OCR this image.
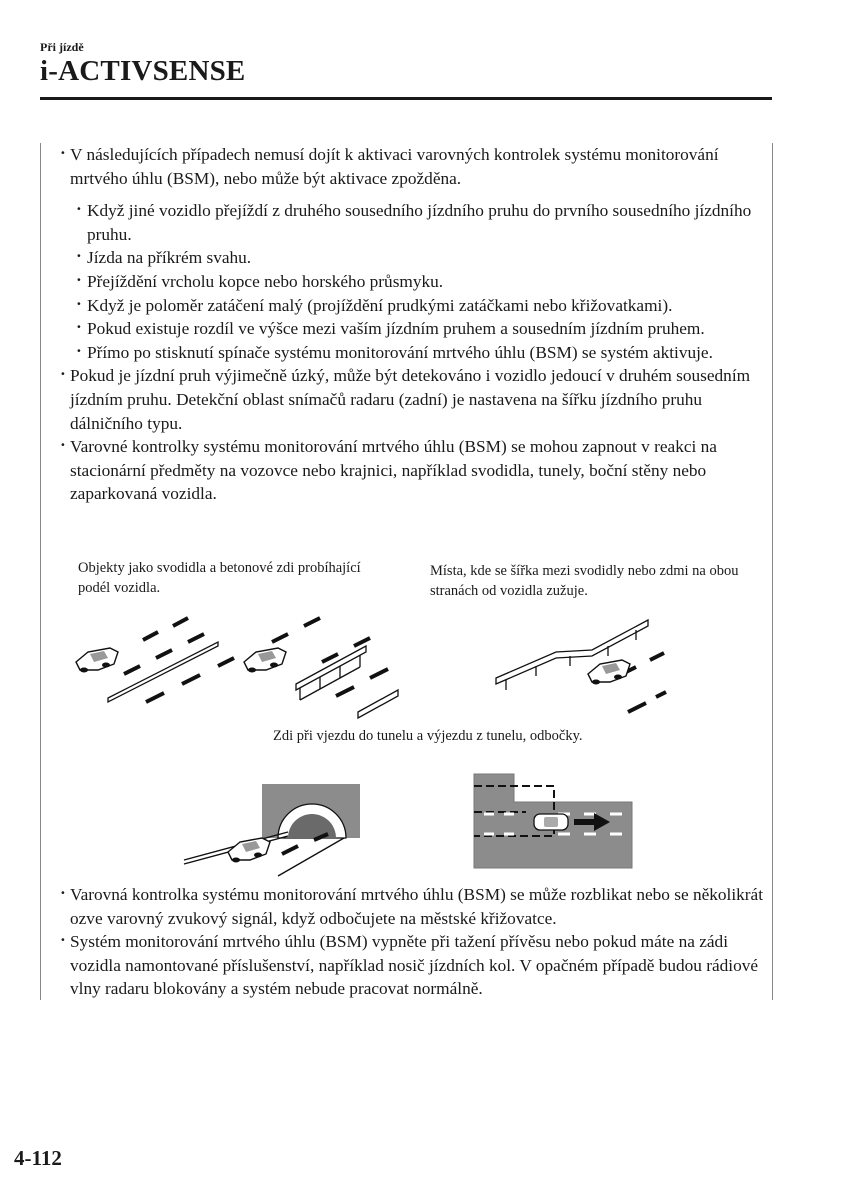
Při jízdě
i-ACTIVSENSE
· V následujících případech nemusí dojít k aktivaci varovných kontrolek systému monitorování mrtvého úhlu (BSM), nebo může být aktivace zpožděna.
· Když jiné vozidlo přejíždí z druhého sousedního jízdního pruhu do prvního sousedního jízdního pruhu.
· Jízda na příkrém svahu.
· Přejíždění vrcholu kopce nebo horského průsmyku.
· Když je poloměr zatáčení malý (projíždění prudkými zatáčkami nebo křižovatkami).
· Pokud existuje rozdíl ve výšce mezi vaším jízdním pruhem a sousedním jízdním pruhem.
· Přímo po stisknutí spínače systému monitorování mrtvého úhlu (BSM) se systém aktivuje.
· Pokud je jízdní pruh výjimečně úzký, může být detekováno i vozidlo jedoucí v druhém sousedním jízdním pruhu. Detekční oblast snímačů radaru (zadní) je nastavena na šířku jízdního pruhu dálničního typu.
· Varovné kontrolky systému monitorování mrtvého úhlu (BSM) se mohou zapnout v reakci na stacionární předměty na vozovce nebo krajnici, například svodidla, tunely, boční stěny nebo zaparkovaná vozidla.
Objekty jako svodidla a betonové zdi probíhající podél vozidla.
Místa, kde se šířka mezi svodidly nebo zdmi na obou stranách od vozidla zužuje.
Zdi při vjezdu do tunelu a výjezdu z tunelu, odbočky.
· Varovná kontrolka systému monitorování mrtvého úhlu (BSM) se může rozblikat nebo se několikrát ozve varovný zvukový signál, když odbočujete na městské křižovatce.
· Systém monitorování mrtvého úhlu (BSM) vypněte při tažení přívěsu nebo pokud máte na zádi vozidla namontované příslušenství, například nosič jízdních kol. V opačném případě budou rádiové vlny radaru blokovány a systém nebude pracovat normálně.
4-112
